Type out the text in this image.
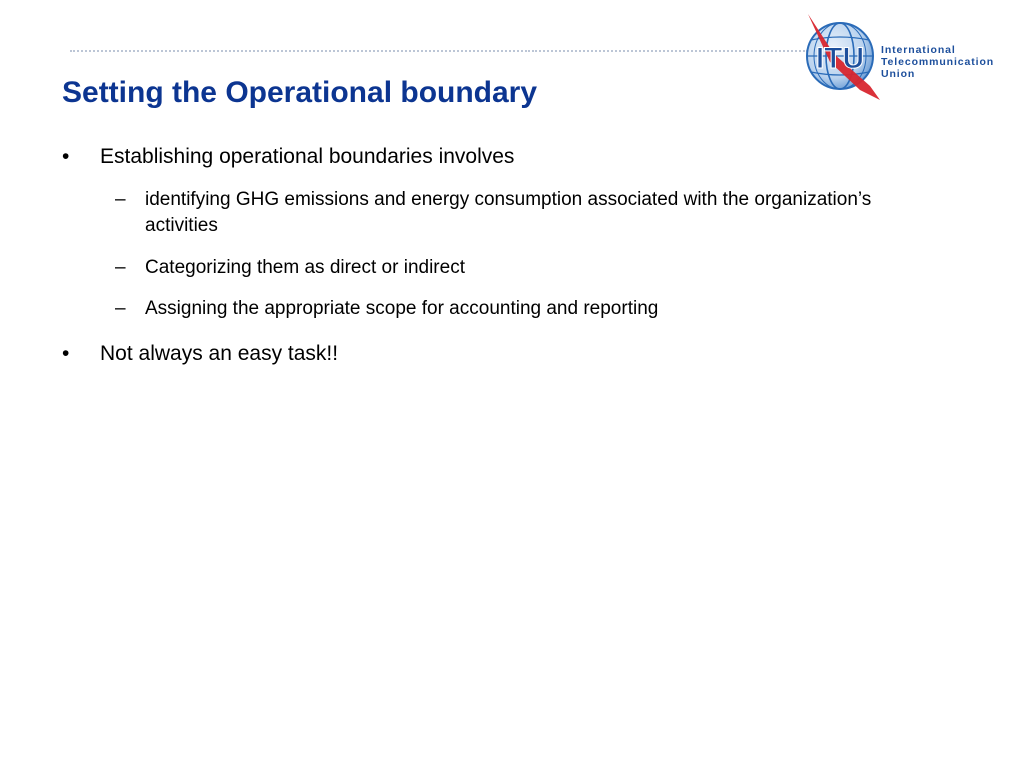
ITU International
Telecommunication
Union
Setting the Operational boundary
• Establishing operational boundaries involves
– identifying GHG emissions and energy consumption associated with the organization’s activities
– Categorizing them as direct or indirect
– Assigning the appropriate scope for accounting and reporting
• Not always an easy task!!
